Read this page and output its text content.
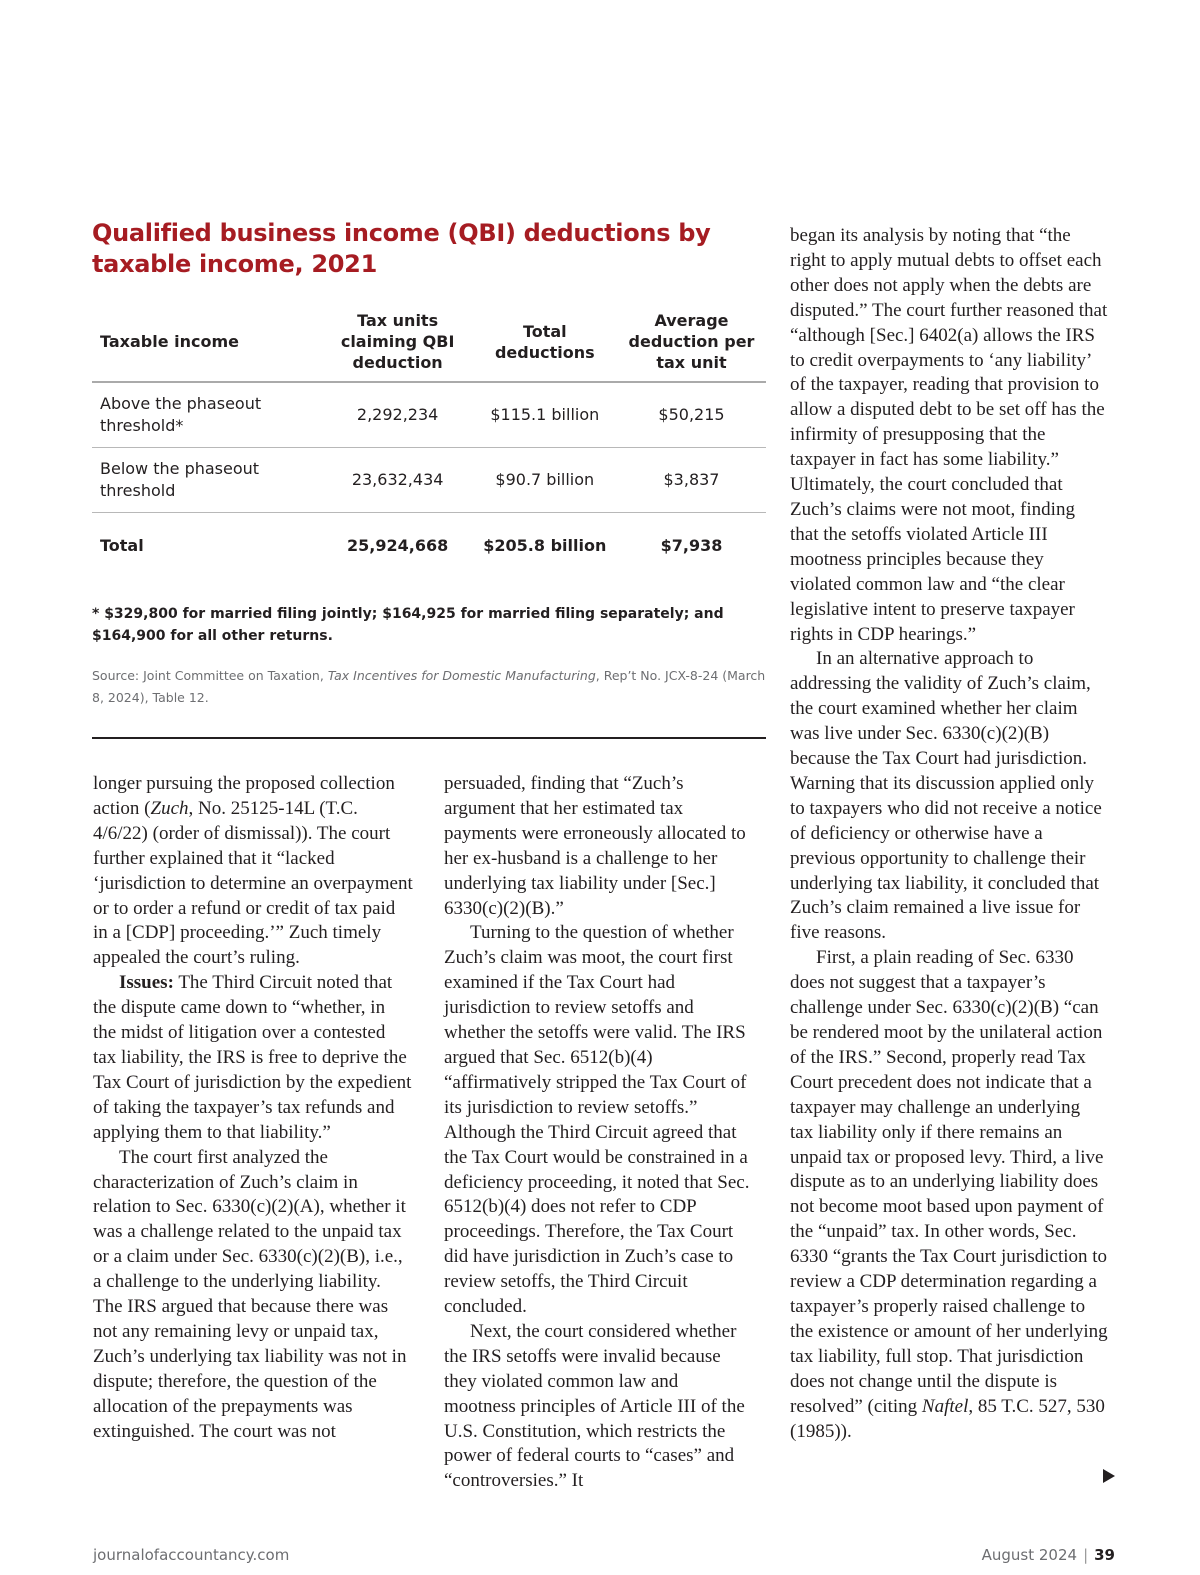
Qualified business income (QBI) deductions by taxable income, 2021
Taxable income	Tax units claiming QBI deduction	Total deductions	Average deduction per tax unit
Above the phaseout threshold*	2,292,234	$115.1 billion	$50,215
Below the phaseout threshold	23,632,434	$90.7 billion	$3,837
Total	25,924,668	$205.8 billion	$7,938

* $329,800 for married filing jointly; $164,925 for married filing separately; and $164,900 for all other returns.

Source: Joint Committee on Taxation, Tax Incentives for Domestic Manufacturing, Rep’t No. JCX-8-24 (March 8, 2024), Table 12.

longer pursuing the proposed collection action (Zuch, No. 25125-14L (T.C. 4/6/22) (order of dismissal)). The court further explained that it “lacked ‘jurisdiction to determine an overpayment or to order a refund or credit of tax paid in a [CDP] proceeding.’” Zuch timely appealed the court’s ruling.

Issues: The Third Circuit noted that the dispute came down to “whether, in the midst of litigation over a contested tax liability, the IRS is free to deprive the Tax Court of jurisdiction by the expedient of taking the taxpayer’s tax refunds and applying them to that liability.”

The court first analyzed the characterization of Zuch’s claim in relation to Sec. 6330(c)(2)(A), whether it was a challenge related to the unpaid tax or a claim under Sec. 6330(c)(2)(B), i.e., a challenge to the underlying liability. The IRS argued that because there was not any remaining levy or unpaid tax, Zuch’s underlying tax liability was not in dispute; therefore, the question of the allocation of the prepayments was extinguished. The court was not

persuaded, finding that “Zuch’s argument that her estimated tax payments were erroneously allocated to her ex-husband is a challenge to her underlying tax liability under [Sec.] 6330(c)(2)(B).”

Turning to the question of whether Zuch’s claim was moot, the court first examined if the Tax Court had jurisdiction to review setoffs and whether the setoffs were valid. The IRS argued that Sec. 6512(b)(4) “affirmatively stripped the Tax Court of its jurisdiction to review setoffs.” Although the Third Circuit agreed that the Tax Court would be constrained in a deficiency proceeding, it noted that Sec. 6512(b)(4) does not refer to CDP proceedings. Therefore, the Tax Court did have jurisdiction in Zuch’s case to review setoffs, the Third Circuit concluded.

Next, the court considered whether the IRS setoffs were invalid because they violated common law and mootness principles of Article III of the U.S. Constitution, which restricts the power of federal courts to “cases” and “controversies.” It

began its analysis by noting that “the right to apply mutual debts to offset each other does not apply when the debts are disputed.” The court further reasoned that “although [Sec.] 6402(a) allows the IRS to credit overpayments to ‘any liability’ of the taxpayer, reading that provision to allow a disputed debt to be set off has the infirmity of presupposing that the taxpayer in fact has some liability.” Ultimately, the court concluded that Zuch’s claims were not moot, finding that the setoffs violated Article III mootness principles because they violated common law and “the clear legislative intent to preserve taxpayer rights in CDP hearings.”

In an alternative approach to addressing the validity of Zuch’s claim, the court examined whether her claim was live under Sec. 6330(c)(2)(B) because the Tax Court had jurisdiction. Warning that its discussion applied only to taxpayers who did not receive a notice of deficiency or otherwise have a previous opportunity to challenge their underlying tax liability, it concluded that Zuch’s claim remained a live issue for five reasons.

First, a plain reading of Sec. 6330 does not suggest that a taxpayer’s challenge under Sec. 6330(c)(2)(B) “can be rendered moot by the unilateral action of the IRS.” Second, properly read Tax Court precedent does not indicate that a taxpayer may challenge an underlying tax liability only if there remains an unpaid tax or proposed levy. Third, a live dispute as to an underlying liability does not become moot based upon payment of the “unpaid” tax. In other words, Sec. 6330 “grants the Tax Court jurisdiction to review a CDP determination regarding a taxpayer’s properly raised challenge to the existence or amount of her underlying tax liability, full stop. That jurisdiction does not change until the dispute is resolved” (citing Naftel, 85 T.C. 527, 530 (1985)).

journalofaccountancy.com	August 2024 | 39
